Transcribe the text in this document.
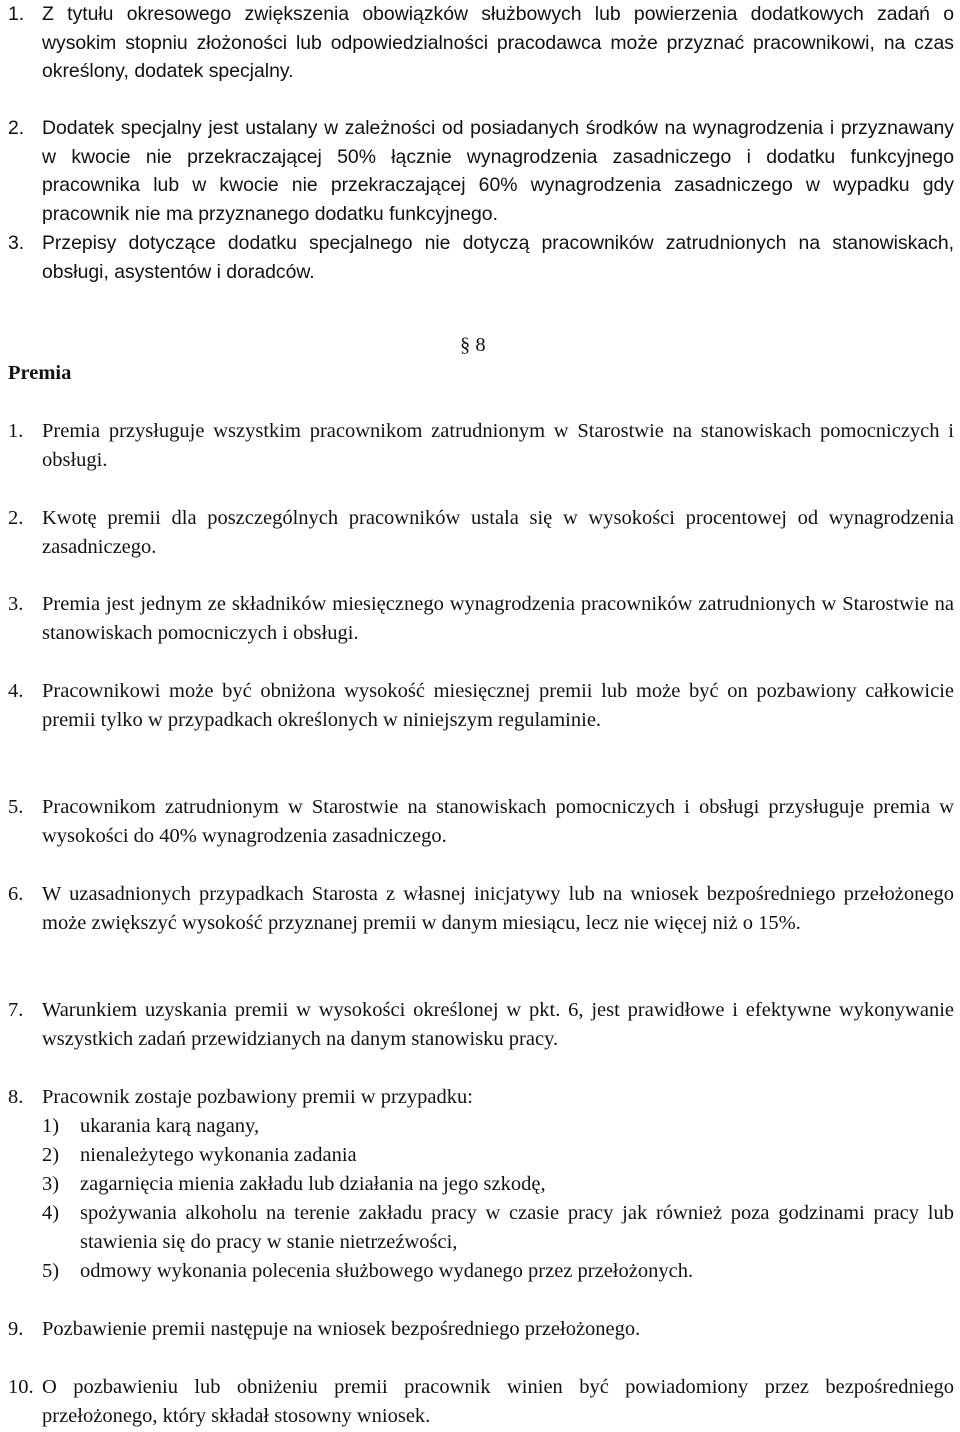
1. Z tytułu okresowego zwiększenia obowiązków służbowych lub powierzenia dodatkowych zadań o wysokim stopniu złożoności lub odpowiedzialności pracodawca może przyznać pracownikowi, na czas określony, dodatek specjalny.
2. Dodatek specjalny jest ustalany w zależności od posiadanych środków na wynagrodzenia i przyznawany w kwocie nie przekraczającej 50% łącznie wynagrodzenia zasadniczego i dodatku funkcyjnego pracownika lub w kwocie nie przekraczającej 60% wynagrodzenia zasadniczego w wypadku gdy pracownik nie ma przyznanego dodatku funkcyjnego.
3. Przepisy dotyczące dodatku specjalnego nie dotyczą pracowników zatrudnionych na stanowiskach, obsługi, asystentów i doradców.
§ 8
Premia
1. Premia przysługuje wszystkim pracownikom zatrudnionym w Starostwie na stanowiskach pomocniczych i obsługi.
2. Kwotę premii dla poszczególnych pracowników ustala się w wysokości procentowej od wynagrodzenia zasadniczego.
3. Premia jest jednym ze składników miesięcznego wynagrodzenia pracowników zatrudnionych w Starostwie na stanowiskach pomocniczych i obsługi.
4. Pracownikowi może być obniżona wysokość miesięcznej premii lub może być on pozbawiony całkowicie premii tylko w przypadkach określonych w niniejszym regulaminie.
5. Pracownikom zatrudnionym w Starostwie na stanowiskach pomocniczych i obsługi przysługuje premia w wysokości do 40% wynagrodzenia zasadniczego.
6. W uzasadnionych przypadkach Starosta z własnej inicjatywy lub na wniosek bezpośredniego przełożonego może zwiększyć wysokość przyznanej premii w danym miesiącu, lecz nie więcej niż o 15%.
7. Warunkiem uzyskania premii w wysokości określonej w pkt. 6, jest prawidłowe i efektywne wykonywanie wszystkich zadań przewidzianych na danym stanowisku pracy.
8. Pracownik zostaje pozbawiony premii w przypadku:
1)	ukarania karą nagany,
2)	nienależytego wykonania zadania
3)	zagarnięcia mienia zakładu lub działania na jego szkodę,
4)	spożywania alkoholu na terenie zakładu pracy w czasie pracy jak również poza godzinami pracy lub stawienia się do pracy w stanie nietrzeźwości,
5)	odmowy wykonania polecenia służbowego wydanego przez przełożonych.
9. Pozbawienie premii następuje na wniosek bezpośredniego przełożonego.
10. O pozbawieniu lub obniżeniu premii pracownik winien być powiadomiony przez bezpośredniego przełożonego, który składał stosowny wniosek.
